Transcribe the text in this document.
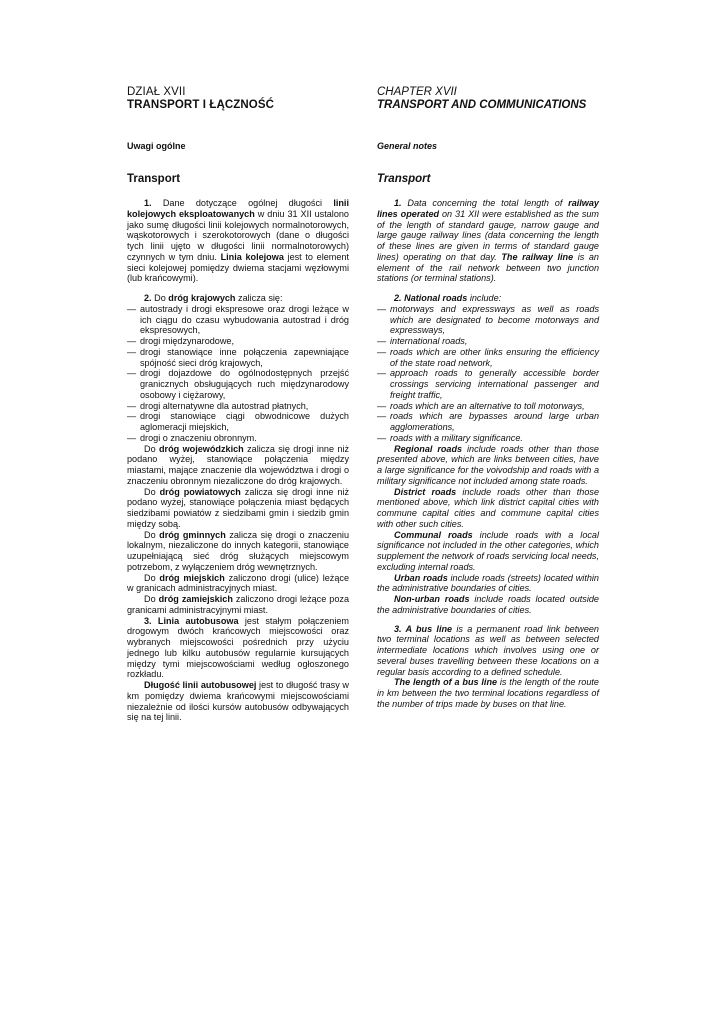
DZIAŁ XVII

TRANSPORT I ŁĄCZNOŚĆ

Uwagi ogólne

Transport

1. Dane dotyczące ogólnej długości linii kolejowych eksploatowanych w dniu 31 XII ustalono jako sumę długości linii kolejowych normalnotorowych, wąskotorowych i szerokotorowych (dane o długości tych linii ujęto w długości linii normalnotorowych) czynnych w tym dniu. Linia kolejowa jest to element sieci kolejowej pomiędzy dwiema stacjami węzłowymi (lub krańcowymi).

2. Do dróg krajowych zalicza się:

— autostrady i drogi ekspresowe oraz drogi leżące w ich ciągu do czasu wybudowania autostrad i dróg ekspresowych,
— drogi międzynarodowe,
— drogi stanowiące inne połączenia zapewniające spójność sieci dróg krajowych,
— drogi dojazdowe do ogólnodostępnych przejść granicznych obsługujących ruch międzynarodowy osobowy i ciężarowy,
— drogi alternatywne dla autostrad płatnych,
— drogi stanowiące ciągi obwodnicowe dużych aglomeracji miejskich,
— drogi o znaczeniu obronnym.

Do dróg wojewódzkich zalicza się drogi inne niż podano wyżej, stanowiące połączenia między miastami, mające znaczenie dla województwa i drogi o znaczeniu obronnym niezaliczone do dróg krajowych.

Do dróg powiatowych zalicza się drogi inne niż podano wyżej, stanowiące połączenia miast będących siedzibami powiatów z siedzibami gmin i siedzib gmin między sobą.

Do dróg gminnych zalicza się drogi o znaczeniu lokalnym, niezaliczone do innych kategorii, stanowiące uzupełniającą sieć dróg służących miejscowym potrzebom, z wyłączeniem dróg wewnętrznych.

Do dróg miejskich zaliczono drogi (ulice) leżące w granicach administracyjnych miast.

Do dróg zamiejskich zaliczono drogi leżące poza granicami administracyjnymi miast.

3. Linia autobusowa jest stałym połączeniem drogowym dwóch krańcowych miejscowości oraz wybranych miejscowości pośrednich przy użyciu jednego lub kilku autobusów regularnie kursujących między tymi miejscowościami według ogłoszonego rozkładu.

Długość linii autobusowej jest to długość trasy w km pomiędzy dwiema krańcowymi miejscowościami niezależnie od ilości kursów autobusów odbywających się na tej linii.

CHAPTER XVII

TRANSPORT AND COMMUNICATIONS

General notes

Transport

1. Data concerning the total length of railway lines operated on 31 XII were established as the sum of the length of standard gauge, narrow gauge and large gauge railway lines (data concerning the length of these lines are given in terms of standard gauge lines) operating on that day. The railway line is an element of the rail network between two junction stations (or terminal stations).

2. National roads include:

— motorways and expressways as well as roads which are designated to become motorways and expressways,
— international roads,
— roads which are other links ensuring the efficiency of the state road network,
— approach roads to generally accessible border crossings servicing international passenger and freight traffic,
— roads which are an alternative to toll motorways,
— roads which are bypasses around large urban agglomerations,
— roads with a military significance.

Regional roads include roads other than those presented above, which are links between cities, have a large significance for the voivodship and roads with a military significance not included among state roads.

District roads include roads other than those mentioned above, which link district capital cities with commune capital cities and commune capital cities with other such cities.

Communal roads include roads with a local significance not included in the other categories, which supplement the network of roads servicing local needs, excluding internal roads.

Urban roads include roads (streets) located within the administrative boundaries of cities.

Non-urban roads include roads located outside the administrative boundaries of cities.

3. A bus line is a permanent road link between two terminal locations as well as between selected intermediate locations which involves using one or several buses travelling between these locations on a regular basis according to a defined schedule.

The length of a bus line is the length of the route in km between the two terminal locations regardless of the number of trips made by buses on that line.
